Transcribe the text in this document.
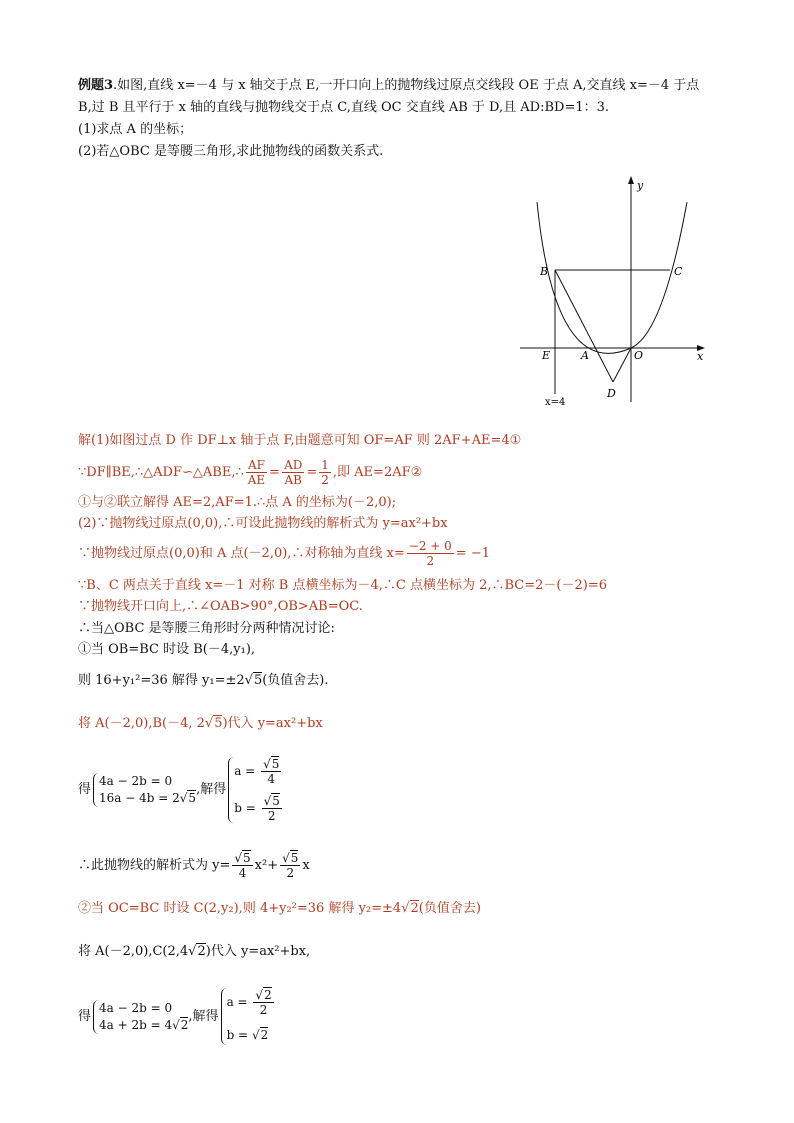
例题3.如图,直线 x=－4 与 x 轴交于点 E,一开口向上的抛物线过原点交线段 OE 于点 A,交直线 x=－4 于点
B,过 B 且平行于 x 轴的直线与抛物线交于点 C,直线 OC 交直线 AB 于 D,且 AD:BD=1：3.
(1)求点 A 的坐标；
(2)若△OBC 是等腰三角形,求此抛物线的函数关系式.
y
x
B	C
E	A	O
D
x=4
解(1)如图过点 D 作 DF⊥x 轴于点 F,由题意可知 OF=AF 则 2AF+AE=4①
∵DF∥BE,∴△ADF∽△ABE,∴ $\frac{AF}{AE} = \frac{AD}{AB} = \frac{1}{2}$ ,即 AE=2AF②
①与②联立解得 AE=2,AF=1.∴点 A 的坐标为(－2,0);
(2)∵抛物线过原点(0,0),∴可设此抛物线的解析式为 y=ax²+bx
∵抛物线过原点(0,0)和 A 点(－2,0),∴对称轴为直线 $x= \frac{-2 + 0}{2} = -1$
∵B、C 两点关于直线 x=－1 对称 B 点横坐标为－4,∴C 点横坐标为 2,∴BC=2－(－2)=6
∵抛物线开口向上,∴∠OAB>90°,OB>AB=OC.
∴当△OBC 是等腰三角形时分两种情况讨论:
①当 OB=BC 时设 B(－4,y₁),
则 16+y₁²=36 解得 y₁=±2√5(负值舍去).
将 A(－2,0),B(－4, 2√5)代入 y=ax²+bx
得
4a − 2b = 0
16a − 4b = 2√5
,解得
$a = \frac{√5}{4}$
$b = \frac{√5}{2}$
∴此抛物线的解析式为 $y= \frac{√5}{4} x^2+ \frac{√5}{2}$ x
②当 OC=BC 时设 C(2,y₂),则 4+y₂²=36 解得 y₂=±4√2(负值舍去)
将 A(－2,0),C(2,4√2)代入 y=ax²+bx,
得
4a − 2b = 0
4a + 2b = 4√2
,解得
$a = \frac{√2}{2}$
b = √2
